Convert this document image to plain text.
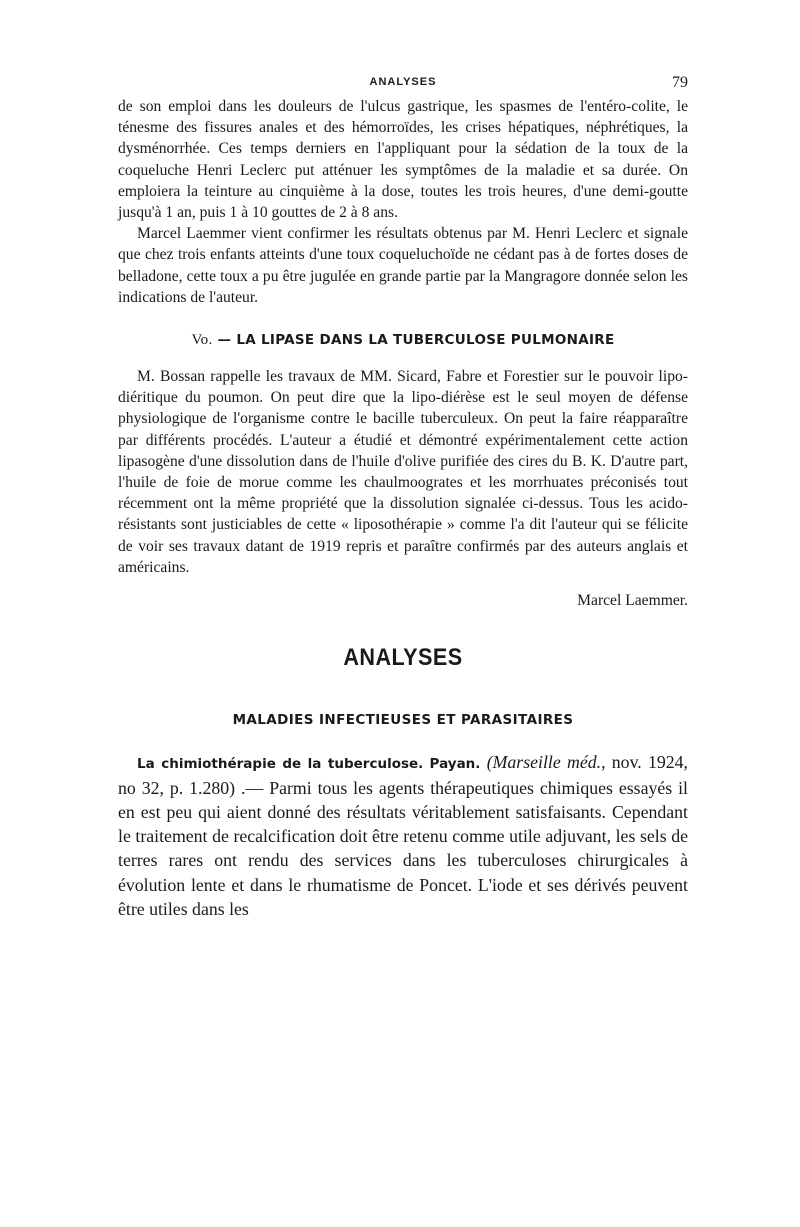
ANALYSES	79

de son emploi dans les douleurs de l'ulcus gastrique, les spasmes de l'entéro-colite, le ténesme des fissures anales et des hémorroïdes, les crises hépatiques, néphrétiques, la dysménorrhée. Ces temps derniers en l'appliquant pour la sédation de la toux de la coqueluche Henri Leclerc put atténuer les symptômes de la maladie et sa durée. On emploiera la teinture au cinquième à la dose, toutes les trois heures, d'une demi-goutte jusqu'à 1 an, puis 1 à 10 gouttes de 2 à 8 ans.

Marcel Laemmer vient confirmer les résultats obtenus par M. Henri Leclerc et signale que chez trois enfants atteints d'une toux coqueluchoïde ne cédant pas à de fortes doses de belladone, cette toux a pu être jugulée en grande partie par la Mangragore donnée selon les indications de l'auteur.

Vo. — LA LIPASE DANS LA TUBERCULOSE PULMONAIRE

M. Bossan rappelle les travaux de MM. Sicard, Fabre et Forestier sur le pouvoir lipo-diéritique du poumon. On peut dire que la lipo-diérèse est le seul moyen de défense physiologique de l'organisme contre le bacille tuberculeux. On peut la faire réapparaître par différents procédés. L'auteur a étudié et démontré expérimentalement cette action lipasogène d'une dissolution dans de l'huile d'olive purifiée des cires du B. K. D'autre part, l'huile de foie de morue comme les chaulmoogrates et les morrhuates préconisés tout récemment ont la même propriété que la dissolution signalée ci-dessus. Tous les acido-résistants sont justiciables de cette « liposothérapie » comme l'a dit l'auteur qui se félicite de voir ses travaux datant de 1919 repris et paraître confirmés par des auteurs anglais et américains.

Marcel Laemmer.

ANALYSES
MALADIES INFECTIEUSES ET PARASITAIRES

La chimiothérapie de la tuberculose. Payan. (Marseille méd., nov. 1924, no 32, p. 1.280) .— Parmi tous les agents thérapeutiques chimiques essayés il en est peu qui aient donné des résultats véritablement satisfaisants. Cependant le traitement de recalcification doit être retenu comme utile adjuvant, les sels de terres rares ont rendu des services dans les tuberculoses chirurgicales à évolution lente et dans le rhumatisme de Poncet. L'iode et ses dérivés peuvent être utiles dans les
